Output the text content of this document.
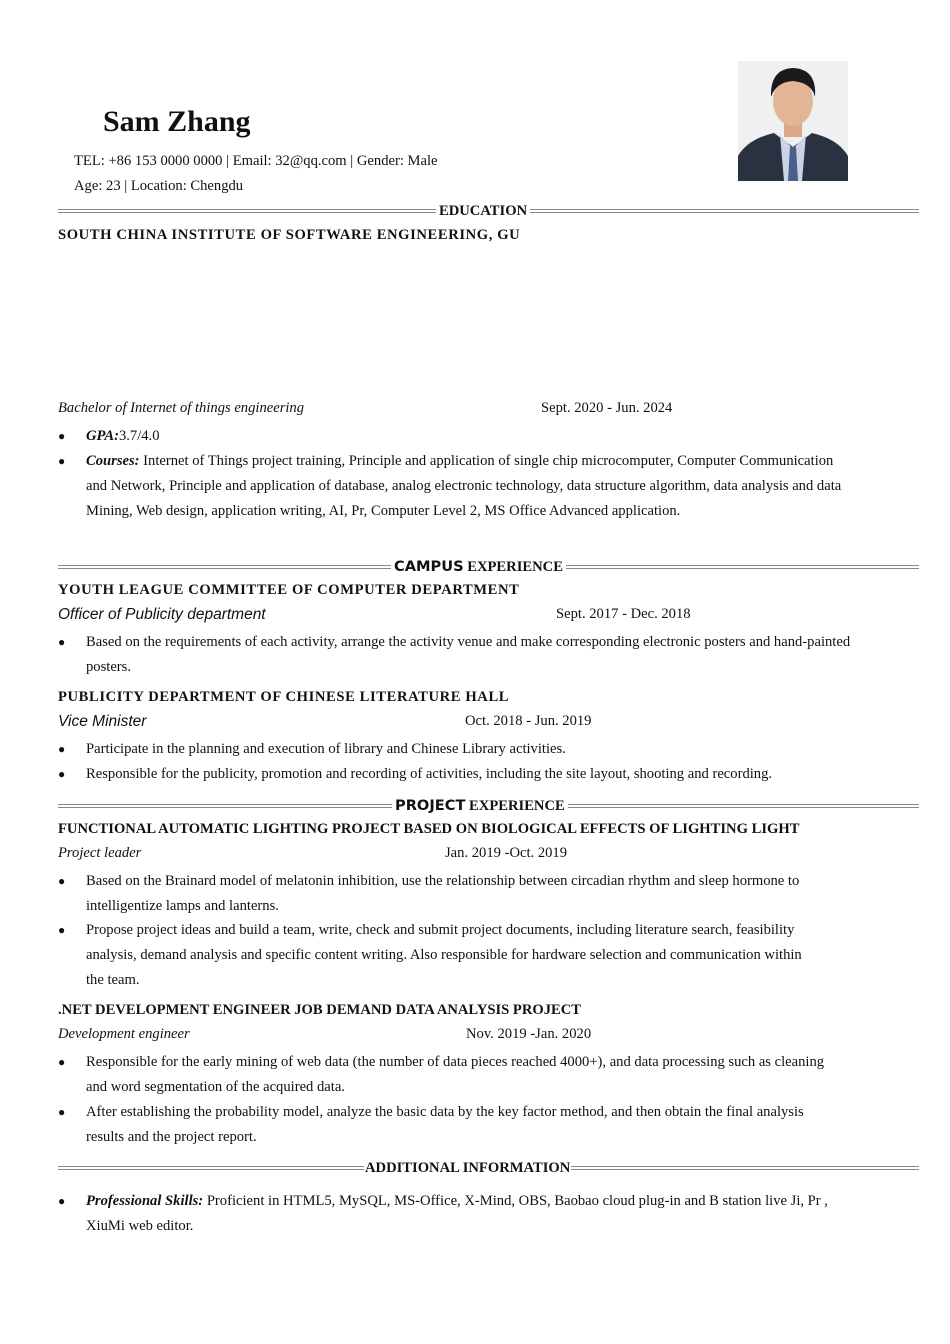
Sam Zhang
TEL: +86 153 0000 0000 | Email: 32@qq.com | Gender: Male
Age: 23 | Location: Chengdu
EDUCATION
SOUTH CHINA INSTITUTE OF SOFTWARE ENGINEERING, GU
Bachelor of Internet of things engineering	Sept. 2020 - Jun. 2024
● GPA:3.7/4.0
● Courses: Internet of Things project training, Principle and application of single chip microcomputer, Computer Communication and Network, Principle and application of database, analog electronic technology, data structure algorithm, data analysis and data Mining, Web design, application writing, AI, Pr, Computer Level 2, MS Office Advanced application.
CAMPUS EXPERIENCE
YOUTH LEAGUE COMMITTEE OF COMPUTER DEPARTMENT
Officer of Publicity department	Sept. 2017 - Dec. 2018
● Based on the requirements of each activity, arrange the activity venue and make corresponding electronic posters and hand-painted posters.
PUBLICITY DEPARTMENT OF CHINESE LITERATURE HALL
Vice Minister	Oct. 2018 - Jun. 2019
● Participate in the planning and execution of library and Chinese Library activities.
● Responsible for the publicity, promotion and recording of activities, including the site layout, shooting and recording.
PROJECT EXPERIENCE
FUNCTIONAL AUTOMATIC LIGHTING PROJECT BASED ON BIOLOGICAL EFFECTS OF LIGHTING LIGHT
Project leader	Jan. 2019 -Oct. 2019
● Based on the Brainard model of melatonin inhibition, use the relationship between circadian rhythm and sleep hormone to intelligentize lamps and lanterns.
● Propose project ideas and build a team, write, check and submit project documents, including literature search, feasibility analysis, demand analysis and specific content writing. Also responsible for hardware selection and communication within the team.
.NET DEVELOPMENT ENGINEER JOB DEMAND DATA ANALYSIS PROJECT
Development engineer	Nov. 2019 -Jan. 2020
● Responsible for the early mining of web data (the number of data pieces reached 4000+), and data processing such as cleaning and word segmentation of the acquired data.
● After establishing the probability model, analyze the basic data by the key factor method, and then obtain the final analysis results and the project report.
ADDITIONAL INFORMATION
● Professional Skills: Proficient in HTML5, MySQL, MS-Office, X-Mind, OBS, Baobao cloud plug-in and B station live Ji, Pr , XiuMi web editor.
